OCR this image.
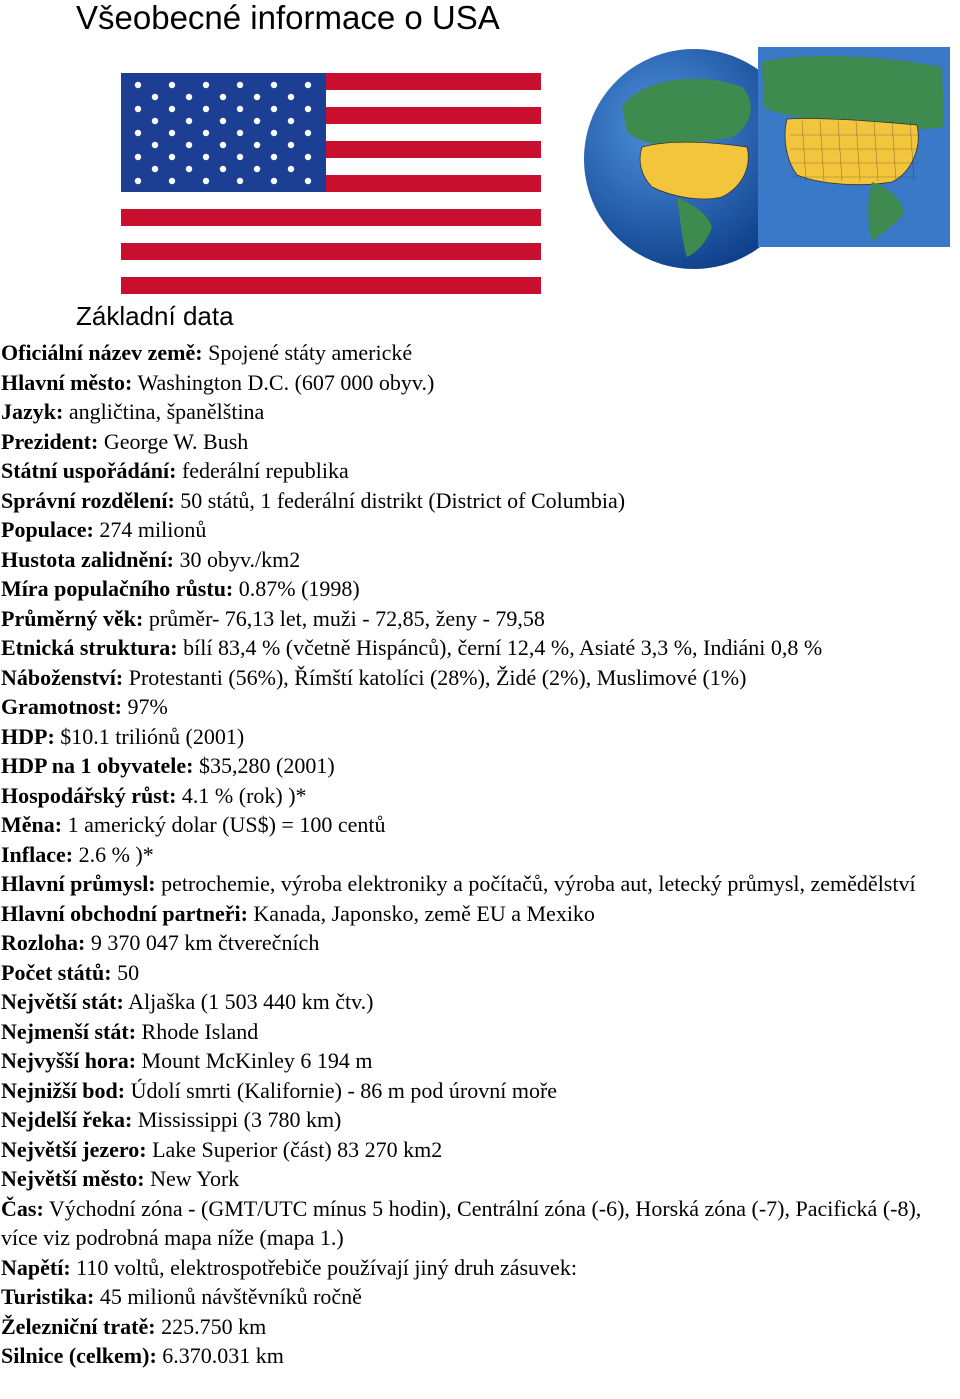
Všeobecné informace o USA
Základní data

Oficiální název země: Spojené státy americké

Hlavní město: Washington D.C. (607 000 obyv.)

Jazyk: angličtina, španělština

Prezident: George W. Bush

Státní uspořádání: federální republika

Správní rozdělení: 50 států, 1 federální distrikt (District of Columbia)

Populace: 274 milionů

Hustota zalidnění: 30 obyv./km2

Míra populačního růstu: 0.87% (1998)

Průměrný věk: průměr- 76,13 let, muži - 72,85, ženy - 79,58

Etnická struktura: bílí 83,4 % (včetně Hispánců), černí 12,4 %, Asiaté 3,3 %, Indiáni 0,8 %

Náboženství: Protestanti (56%), Římští katolíci (28%), Židé (2%), Muslimové (1%)

Gramotnost: 97%

HDP: $10.1 triliónů (2001)

HDP na 1 obyvatele: $35,280 (2001)

Hospodářský růst: 4.1 % (rok) )*

Měna: 1 americký dolar (US$) = 100 centů

Inflace: 2.6 % )*

Hlavní průmysl: petrochemie, výroba elektroniky a počítačů, výroba aut, letecký průmysl, zemědělství

Hlavní obchodní partneři: Kanada, Japonsko, země EU a Mexiko

Rozloha: 9 370 047 km čtverečních

Počet států: 50

Největší stát: Aljaška (1 503 440 km čtv.)

Nejmenší stát: Rhode Island

Nejvyšší hora: Mount McKinley 6 194 m

Nejnižší bod: Údolí smrti (Kalifornie) - 86 m pod úrovní moře

Nejdelší řeka: Mississippi (3 780 km)

Největší jezero: Lake Superior (část) 83 270 km2

Největší město: New York

Čas: Východní zóna - (GMT/UTC mínus 5 hodin), Centrální zóna (-6), Horská zóna (-7), Pacifická (-8), více viz podrobná mapa níže (mapa 1.)

Napětí: 110 voltů, elektrospotřebiče používají jiný druh zásuvek:

Turistika: 45 milionů návštěvníků ročně

Železniční tratě: 225.750 km

Silnice (celkem): 6.370.031 km
